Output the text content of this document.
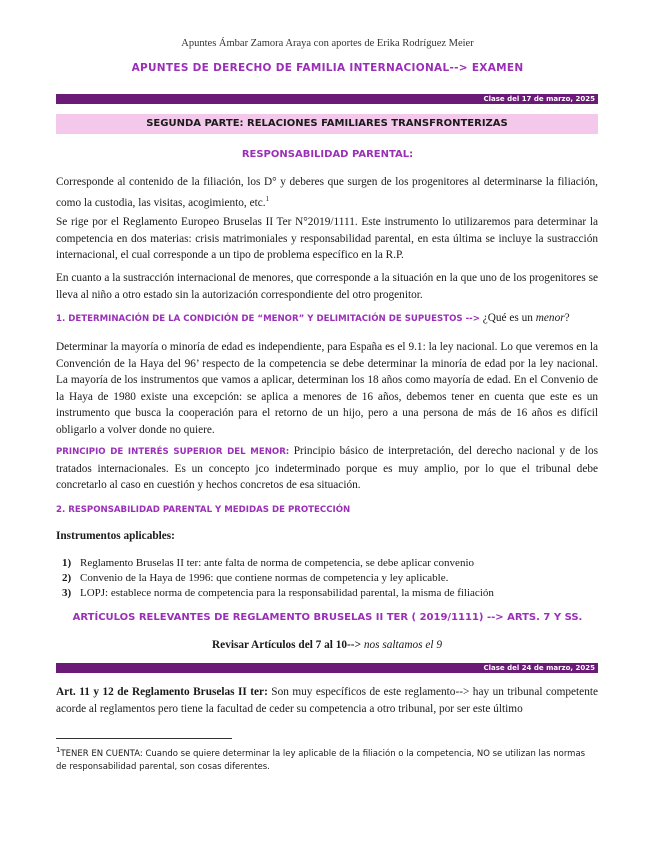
Apuntes Ámbar Zamora Araya con aportes de Erika Rodríguez Meier
APUNTES DE DERECHO DE FAMILIA INTERNACIONAL--> EXAMEN
Clase del 17 de marzo, 2025
SEGUNDA PARTE: RELACIONES FAMILIARES TRANSFRONTERIZAS
RESPONSABILIDAD PARENTAL:

Corresponde al contenido de la filiación, los D° y deberes que surgen de los progenitores al determinarse la filiación, como la custodia, las visitas, acogimiento, etc.$^1$

Se rige por el Reglamento Europeo Bruselas II Ter N°2019/1111. Este instrumento lo utilizaremos para determinar la competencia en dos materias: crisis matrimoniales y responsabilidad parental, en esta última se incluye la sustracción internacional, el cual corresponde a un tipo de problema específico en la R.P.

En cuanto a la sustracción internacional de menores, que corresponde a la situación en la que uno de los progenitores se lleva al niño a otro estado sin la autorización correspondiente del otro progenitor.

1. DETERMINACIÓN DE LA CONDICIÓN DE “MENOR” Y DELIMITACIÓN DE SUPUESTOS --> ¿Qué es un menor?

Determinar la mayoría o minoría de edad es independiente, para España es el 9.1: la ley nacional. Lo que veremos en la Convención de la Haya del 96’ respecto de la competencia se debe determinar la minoría de edad por la ley nacional. La mayoría de los instrumentos que vamos a aplicar, determinan los 18 años como mayoría de edad. En el Convenio de la Haya de 1980 existe una excepción: se aplica a menores de 16 años, debemos tener en cuenta que este es un instrumento que busca la cooperación para el retorno de un hijo, pero a una persona de más de 16 años es difícil obligarlo a volver donde no quiere.

PRINCIPIO DE INTERÉS SUPERIOR DEL MENOR: Principio básico de interpretación, del derecho nacional y de los tratados internacionales. Es un concepto jco indeterminado porque es muy amplio, por lo que el tribunal debe concretarlo al caso en cuestión y hechos concretos de esa situación.

2. RESPONSABILIDAD PARENTAL Y MEDIDAS DE PROTECCIÓN

Instrumentos aplicables:

1) Reglamento Bruselas II ter: ante falta de norma de competencia, se debe aplicar convenio
2) Convenio de la Haya de 1996: que contiene normas de competencia y ley aplicable.
3) LOPJ: establece norma de competencia para la responsabilidad parental, la misma de filiación
ARTÍCULOS RELEVANTES DE REGLAMENTO BRUSELAS II TER ( 2019/1111) --> ARTS. 7 Y SS.

Revisar Artículos del 7 al 10--> nos saltamos el 9

Clase del 24 de marzo, 2025

Art. 11 y 12 de Reglamento Bruselas II ter: Son muy específicos de este reglamento--> hay un tribunal competente acorde al reglamentos pero tiene la facultad de ceder su competencia a otro tribunal, por ser este último

$^1$TENER EN CUENTA: Cuando se quiere determinar la ley aplicable de la filiación o la competencia, NO se utilizan las normas de responsabilidad parental, son cosas diferentes.
